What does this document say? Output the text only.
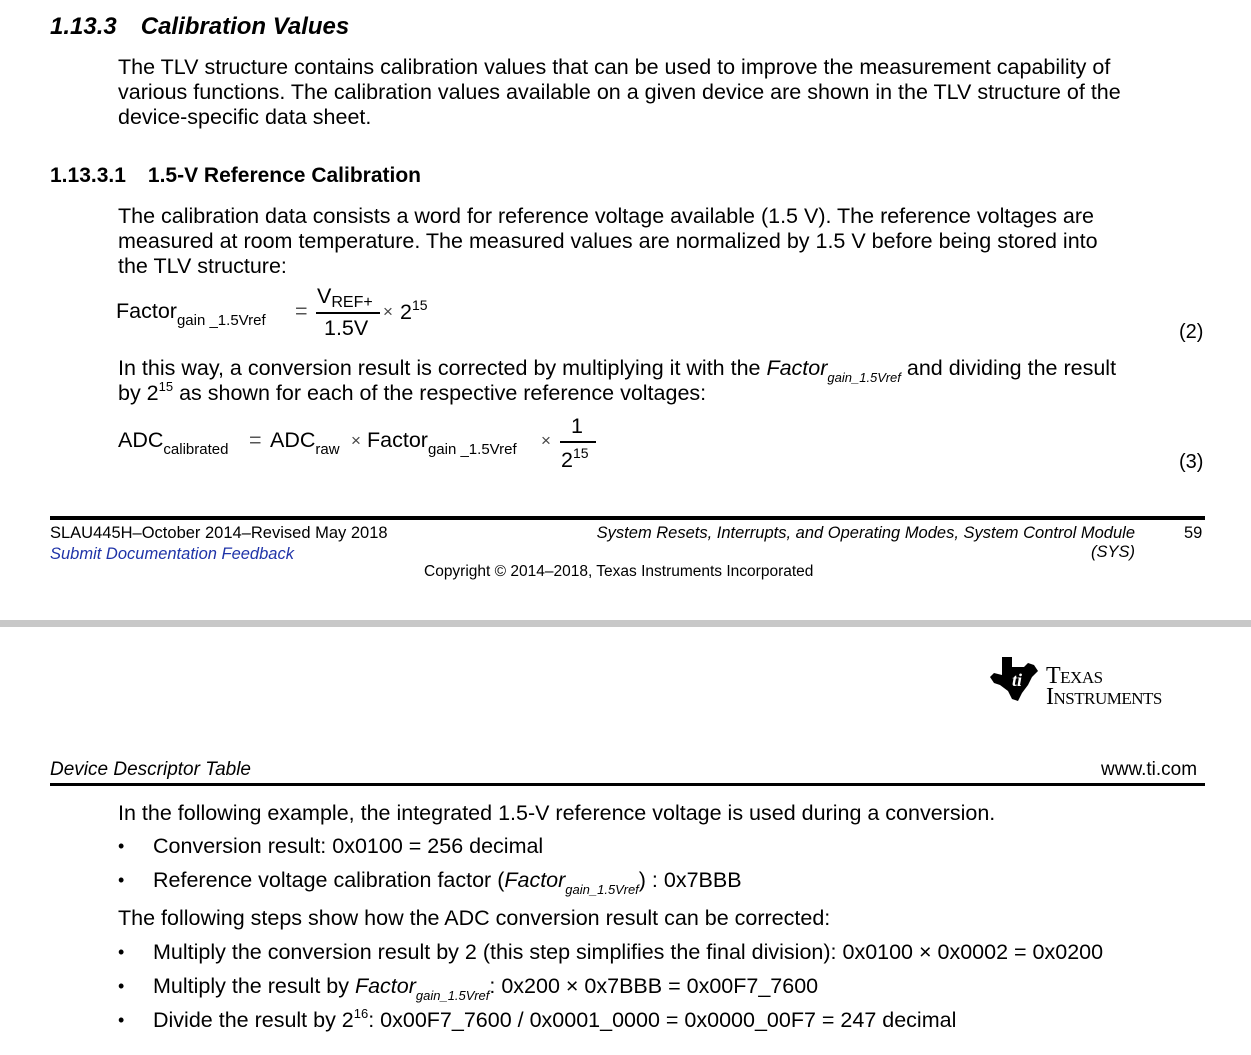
1.13.3 Calibration Values
The TLV structure contains calibration values that can be used to improve the measurement capability of
various functions. The calibration values available on a given device are shown in the TLV structure of the
device-specific data sheet.
1.13.3.1 1.5-V Reference Calibration
The calibration data consists a word for reference voltage available (1.5 V). The reference voltages are
measured at room temperature. The measured values are normalized by 1.5 V before being stored into
the TLV structure:
Factor$_{gain \_1.5Vref}$ =
VREF+
1.5V
× $2^{15}$
(2)
In this way, a conversion result is corrected by multiplying it with the Factor$_{gain\_1.5Vref}$ and dividing the result
by $2^{15}$ as shown for each of the respective reference voltages:
$ADC_{calibrated} = ADC_{raw}$ × Factor$_{gain \_1.5Vref}$ ×
1
$2^{15}$	(3)
SLAU445H–October 2014–Revised May 2018
Submit Documentation Feedback
System Resets, Interrupts, and Operating Modes, System Control Module
(SYS)
59
Copyright © 2014–2018, Texas Instruments Incorporated
ti Texas
Instruments
Device Descriptor Table	www.ti.com
In the following example, the integrated 1.5-V reference voltage is used during a conversion.
• Conversion result: 0x0100 = 256 decimal
• Reference voltage calibration factor (Factor$_{gain\_1.5Vref}$) : 0x7BBB
The following steps show how the ADC conversion result can be corrected:
• Multiply the conversion result by 2 (this step simplifies the final division): 0x0100 × 0x0002 = 0x0200
• Multiply the result by Factor$_{gain\_1.5Vref}$: 0x200 × 0x7BBB = 0x00F7_7600
• Divide the result by $2^{16}$: 0x00F7_7600 / 0x0001_0000 = 0x0000_00F7 = 247 decimal
